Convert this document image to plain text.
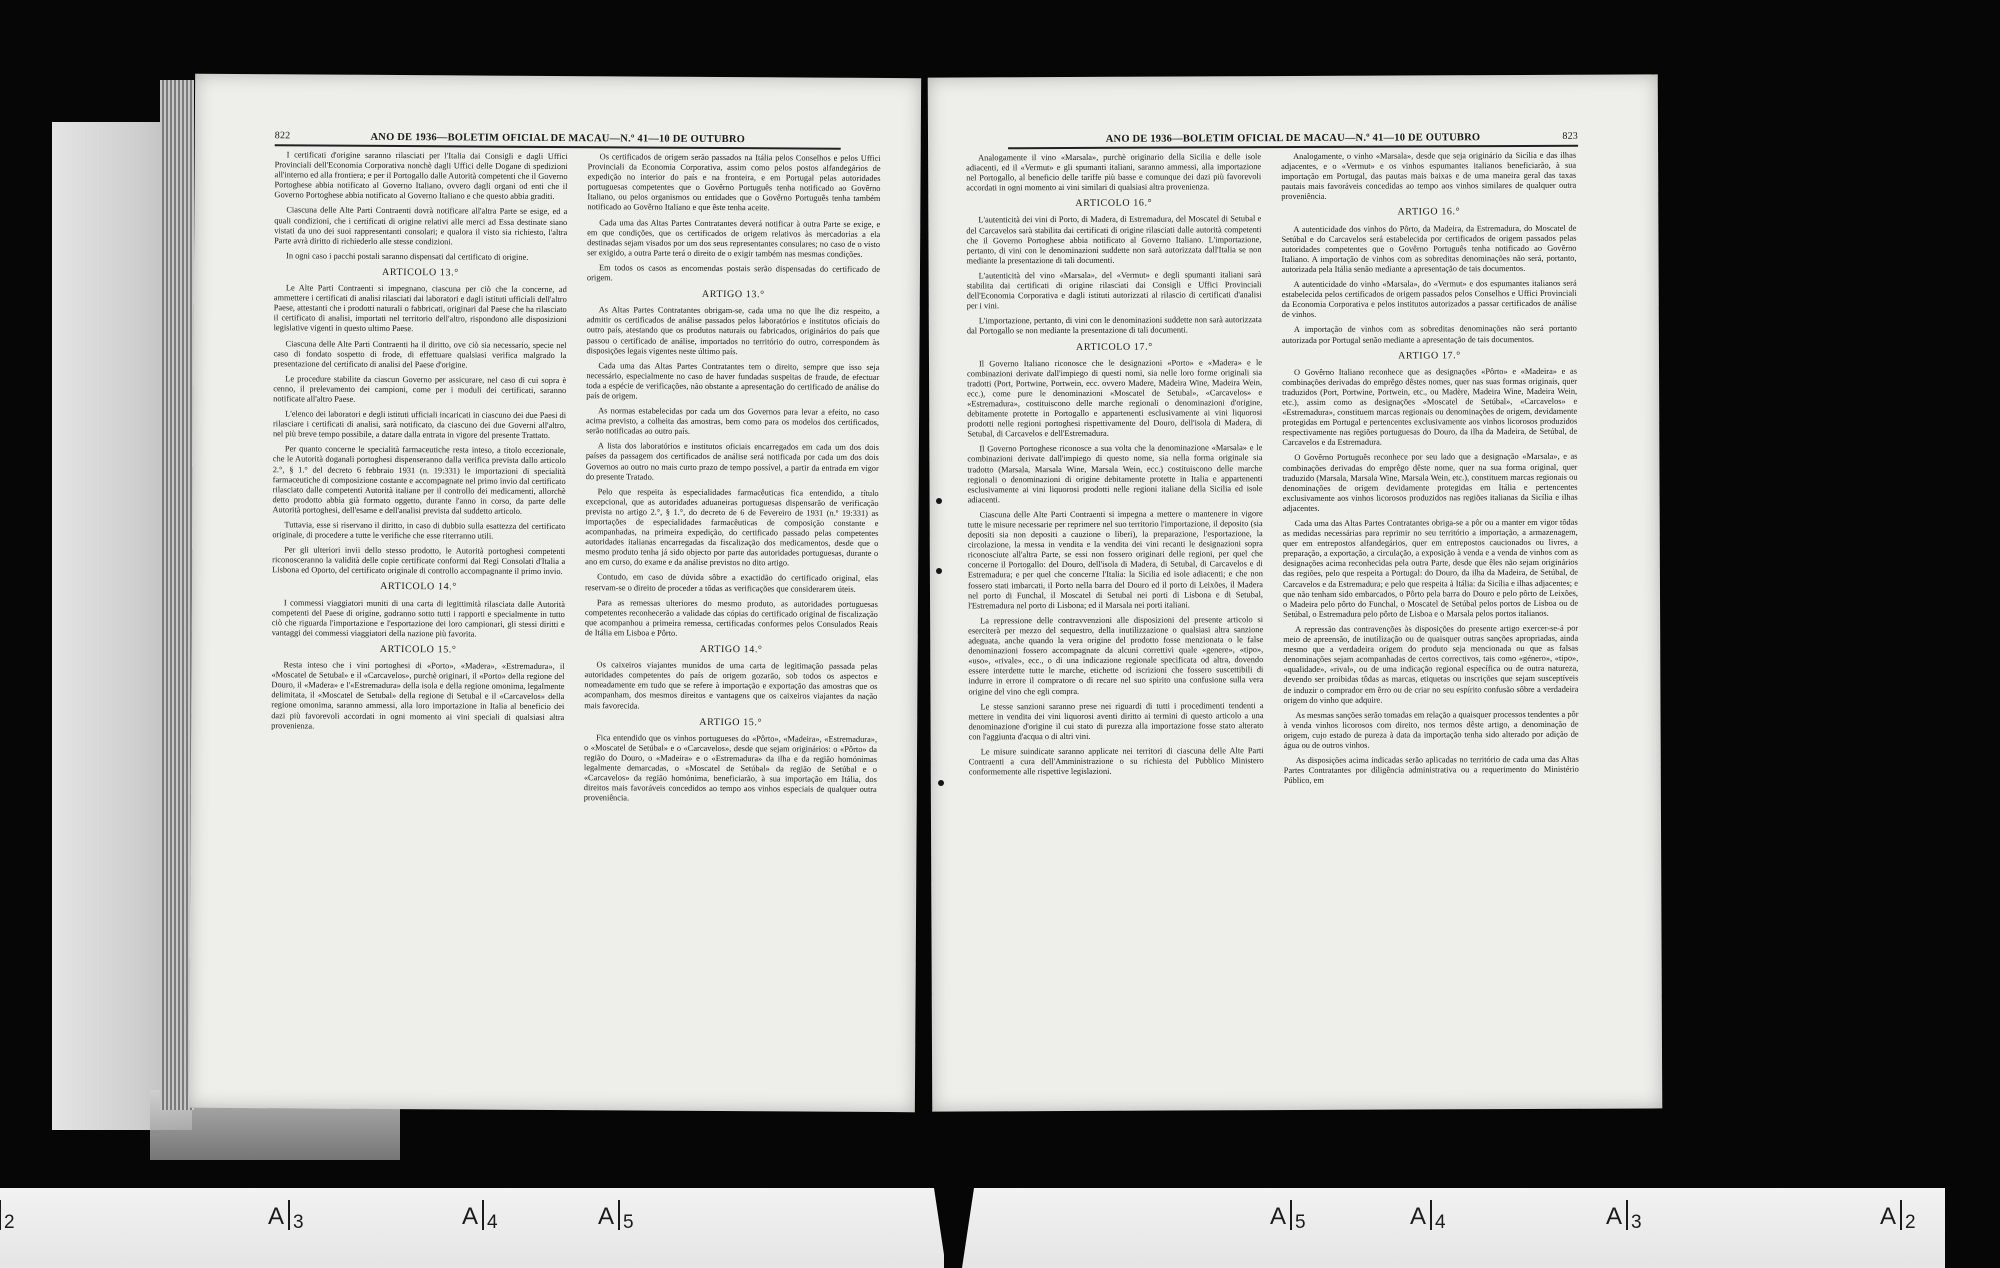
822	ANO DE 1936—BOLETIM OFICIAL DE MACAU—N.º 41—10 DE OUTUBRO

I certificati d'origine saranno rilasciati per l'Italia dai Consigli e dagli Uffici Provinciali dell'Economia Corporativa nonchè dagli Uffici delle Dogane di spedizioni all'interno ed alla frontiera; e per il Portogallo dalle Autorità competenti che il Governo Portoghese abbia notificato al Governo Italiano, ovvero dagli organi od enti che il Governo Portoghese abbia notificato al Governo Italiano e che questo abbia graditi.

Ciascuna delle Alte Parti Contraenti dovrà notificare all'altra Parte se esige, ed a quali condizioni, che i certificati di origine relativi alle merci ad Essa destinate siano vistati da uno dei suoi rappresentanti consolari; e qualora il visto sia richiesto, l'altra Parte avrà diritto di richiederlo alle stesse condizioni.

In ogni caso i pacchi postali saranno dispensati dal certificato di origine.

ARTICOLO 13.°

Le Alte Parti Contraenti si impegnano, ciascuna per ciò che la concerne, ad ammettere i certificati di analisi rilasciati dai laboratori e dagli istituti ufficiali dell'altro Paese, attestanti che i prodotti naturali o fabbricati, originari dal Paese che ha rilasciato il certificato di analisi, importati nel territorio dell'altro, rispondono alle disposizioni legislative vigenti in questo ultimo Paese.

Ciascuna delle Alte Parti Contraenti ha il diritto, ove ciò sia necessario, specie nel caso di fondato sospetto di frode, di effettuare qualsiasi verifica malgrado la presentazione del certificato di analisi del Paese d'origine.

Le procedure stabilite da ciascun Governo per assicurare, nel caso di cui sopra è cenno, il prelevamento dei campioni, come per i moduli dei certificati, saranno notificate all'altro Paese.

L'elenco dei laboratori e degli istituti ufficiali incaricati in ciascuno dei due Paesi di rilasciare i certificati di analisi, sarà notificato, da ciascuno dei due Governi all'altro, nel più breve tempo possibile, a datare dalla entrata in vigore del presente Trattato.

Per quanto concerne le specialità farmaceutiche resta inteso, a titolo eccezionale, che le Autorità doganali portoghesi dispenseranno dalla verifica prevista dallo articolo 2.°, § 1.° del decreto 6 febbraio 1931 (n. 19:331) le importazioni di specialità farmaceutiche di composizione costante e accompagnate nel primo invio dal certificato rilasciato dalle competenti Autorità italiane per il controllo dei medicamenti, allorchè detto prodotto abbia già formato oggetto, durante l'anno in corso, da parte delle Autorità portoghesi, dell'esame e dell'analisi prevista dal suddetto articolo.

Tuttavia, esse si riservano il diritto, in caso di dubbio sulla esattezza del certificato originale, di procedere a tutte le verifiche che esse riterranno utili.

Per gli ulteriori invii dello stesso prodotto, le Autorità portoghesi competenti riconosceranno la validità delle copie certificate conformi dai Regi Consolati d'Italia a Lisbona ed Oporto, del certificato originale di controllo accompagnante il primo invio.

ARTICOLO 14.°

I commessi viaggiatori muniti di una carta di legittimità rilasciata dalle Autorità competenti del Paese di origine, godranno sotto tutti i rapporti e specialmente in tutto ciò che riguarda l'importazione e l'esportazione dei loro campionari, gli stessi diritti e vantaggi dei commessi viaggiatori della nazione più favorita.

ARTICOLO 15.°

Resta inteso che i vini portoghesi di «Porto», «Madera», «Estremadura», il «Moscatel de Setubal» e il «Carcavelos», purchè originari, il «Porto» della regione del Douro, il «Madera» e l'«Estremadura» della isola e della regione omonima, legalmente delimitata, il «Moscatel de Setubal» della regione di Setubal e il «Carcavelos» della regione omonima, saranno ammessi, alla loro importazione in Italia al beneficio dei dazi più favorevoli accordati in ogni momento ai vini speciali di qualsiasi altra provenienza.

Os certificados de origem serão passados na Itália pelos Conselhos e pelos Uffici Provinciali da Economia Corporativa, assim como pelos postos alfandegários de expedição no interior do país e na fronteira, e em Portugal pelas autoridades portuguesas competentes que o Govêrno Português tenha notificado ao Govêrno Italiano, ou pelos organismos ou entidades que o Govêrno Português tenha também notificado ao Govêrno Italiano e que êste tenha aceite.

Cada uma das Altas Partes Contratantes deverá notificar à outra Parte se exige, e em que condições, que os certificados de origem relativos às mercadorias a ela destinadas sejam visados por um dos seus representantes consulares; no caso de o visto ser exigido, a outra Parte terá o direito de o exigir também nas mesmas condições.

Em todos os casos as encomendas postais serão dispensadas do certificado de origem.

ARTIGO 13.°

As Altas Partes Contratantes obrigam-se, cada uma no que lhe diz respeito, a admitir os certificados de análise passados pelos laboratórios e institutos oficiais do outro país, atestando que os produtos naturais ou fabricados, originários do país que passou o certificado de análise, importados no território do outro, correspondem às disposições legais vigentes neste último país.

Cada uma das Altas Partes Contratantes tem o direito, sempre que isso seja necessário, especialmente no caso de haver fundadas suspeitas de fraude, de efectuar toda a espécie de verificações, não obstante a apresentação do certificado de análise do país de origem.

As normas estabelecidas por cada um dos Governos para levar a efeito, no caso acima previsto, a colheita das amostras, bem como para os modelos dos certificados, serão notificadas ao outro país.

A lista dos laboratórios e institutos oficiais encarregados em cada um dos dois países da passagem dos certificados de análise será notificada por cada um dos dois Governos ao outro no mais curto prazo de tempo possível, a partir da entrada em vigor do presente Tratado.

Pelo que respeita às especialidades farmacêuticas fica entendido, a título excepcional, que as autoridades aduaneiras portuguesas dispensarão de verificação prevista no artigo 2.°, § 1.°, do decreto de 6 de Fevereiro de 1931 (n.º 19:331) as importações de especialidades farmacêuticas de composição constante e acompanhadas, na primeira expedição, do certificado passado pelas competentes autoridades italianas encarregadas da fiscalização dos medicamentos, desde que o mesmo produto tenha já sido objecto por parte das autoridades portuguesas, durante o ano em curso, do exame e da análise previstos no dito artigo.

Contudo, em caso de dúvida sôbre a exactidão do certificado original, elas reservam-se o direito de proceder a tôdas as verificações que considerarem úteis.

Para as remessas ulteriores do mesmo produto, as autoridades portuguesas competentes reconhecerão a validade das cópias do certificado original de fiscalização que acompanhou a primeira remessa, certificadas conformes pelos Consulados Reais de Itália em Lisboa e Pôrto.

ARTIGO 14.°

Os caixeiros viajantes munidos de uma carta de legitimação passada pelas autoridades competentes do país de origem gozarão, sob todos os aspectos e nomeadamente em tudo que se refere à importação e exportação das amostras que os acompanham, dos mesmos direitos e vantagens que os caixeiros viajantes da nação mais favorecida.

ARTIGO 15.°

Fica entendido que os vinhos portugueses do «Pôrto», «Madeira», «Estremadura», o «Moscatel de Setúbal» e o «Carcavelos», desde que sejam originários: o «Pôrto» da região do Douro, o «Madeira» e o «Estremadura» da ilha e da região homónimas legalmente demarcadas, o «Moscatel de Setúbal» da região de Setúbal e o «Carcavelos» da região homónima, beneficiarão, à sua importação em Itália, dos direitos mais favoráveis concedidos ao tempo aos vinhos especiais de qualquer outra proveniência.

ANO DE 1936—BOLETIM OFICIAL DE MACAU—N.º 41—10 DE OUTUBRO	823

Analogamente il vino «Marsala», purchè originario della Sicilia e delle isole adiacenti, ed il «Vermut» e gli spumanti italiani, saranno ammessi, alla importazione nel Portogallo, al beneficio delle tariffe più basse e comunque dei dazi più favorevoli accordati in ogni momento ai vini similari di qualsiasi altra provenienza.

ARTICOLO 16.°

L'autenticità dei vini di Porto, di Madera, di Estremadura, del Moscatel di Setubal e del Carcavelos sarà stabilita dai certificati di origine rilasciati dalle autorità competenti che il Governo Portoghese abbia notificato al Governo Italiano. L'importazione, pertanto, di vini con le denominazioni suddette non sarà autorizzata dall'Italia se non mediante la presentazione di tali documenti.

L'autenticità del vino «Marsala», del «Vermut» e degli spumanti italiani sarà stabilita dai certificati di origine rilasciati dai Consigli e Uffici Provinciali dell'Economia Corporativa e dagli istituti autorizzati al rilascio di certificati d'analisi per i vini.

L'importazione, pertanto, di vini con le denominazioni suddette non sarà autorizzata dal Portogallo se non mediante la presentazione di tali documenti.

ARTICOLO 17.°

Il Governo Italiano riconosce che le designazioni «Porto» e «Madera» e le combinazioni derivate dall'impiego di questi nomi, sia nelle loro forme originali sia tradotti (Port, Portwine, Portwein, ecc. ovvero Madere, Madeira Wine, Madeira Wein, ecc.), come pure le denominazioni «Moscatel de Setubal», «Carcavelos» e «Estremadura», costituiscono delle marche regionali o denominazioni d'origine, debitamente protette in Portogallo e appartenenti esclusivamente ai vini liquorosi prodotti nelle regioni portoghesi rispettivamente del Douro, dell'isola di Madera, di Setubal, di Carcavelos e dell'Estremadura.

Il Governo Portoghese riconosce a sua volta che la denominazione «Marsala» e le combinazioni derivate dall'impiego di questo nome, sia nella forma originale sia tradotto (Marsala, Marsala Wine, Marsala Wein, ecc.) costituiscono delle marche regionali o denominazioni di origine debitamente protette in Italia e appartenenti esclusivamente ai vini liquorosi prodotti nelle regioni italiane della Sicilia ed isole adiacenti.

Ciascuna delle Alte Parti Contraenti si impegna a mettere o mantenere in vigore tutte le misure necessarie per reprimere nel suo territorio l'importazione, il deposito (sia depositi sia non depositi a cauzione o liberi), la preparazione, l'esportazione, la circolazione, la messa in vendita e la vendita dei vini recanti le designazioni sopra riconosciute all'altra Parte, se essi non fossero originari delle regioni, per quel che concerne il Portogallo: del Douro, dell'isola di Madera, di Setubal, di Carcavelos e di Estremadura; e per quel che concerne l'Italia: la Sicilia ed isole adiacenti; e che non fossero stati imbarcati, il Porto nella barra del Douro ed il porto di Leixões, il Madera nel porto di Funchal, il Moscatel di Setubal nei porti di Lisbona e di Setubal, l'Estremadura nel porto di Lisbona; ed il Marsala nei porti italiani.

La repressione delle contravvenzioni alle disposizioni del presente articolo si eserciterà per mezzo del sequestro, della inutilizzazione o qualsiasi altra sanzione adeguata, anche quando la vera origine del prodotto fosse menzionata o le false denominazioni fossero accompagnate da alcuni correttivi quale «genere», «tipo», «uso», «rivale», ecc., o di una indicazione regionale specificata od altra, dovendo essere interdette tutte le marche, etichette od iscrizioni che fossero suscettibili di indurre in errore il compratore o di recare nel suo spirito una confusione sulla vera origine del vino che egli compra.

Le stesse sanzioni saranno prese nei riguardi di tutti i procedimenti tendenti a mettere in vendita dei vini liquorosi aventi diritto ai termini di questo articolo a una denominazione d'origine il cui stato di purezza alla importazione fosse stato alterato con l'aggiunta d'acqua o di altri vini.

Le misure suindicate saranno applicate nei territori di ciascuna delle Alte Parti Contraenti a cura dell'Amministrazione o su richiesta del Pubblico Ministero conformemente alle rispettive legislazioni.

Analogamente, o vinho «Marsala», desde que seja originário da Sicília e das ilhas adjacentes, e o «Vermut» e os vinhos espumantes italianos beneficiarão, à sua importação em Portugal, das pautas mais baixas e de uma maneira geral das taxas pautais mais favoráveis concedidas ao tempo aos vinhos similares de qualquer outra proveniência.

ARTIGO 16.°

A autenticidade dos vinhos do Pôrto, da Madeira, da Estremadura, do Moscatel de Setúbal e do Carcavelos será estabelecida por certificados de origem passados pelas autoridades competentes que o Govêrno Português tenha notificado ao Govêrno Italiano. A importação de vinhos com as sobreditas denominações não será, portanto, autorizada pela Itália senão mediante a apresentação de tais documentos.

A autenticidade do vinho «Marsala», do «Vermut» e dos espumantes italianos será estabelecida pelos certificados de origem passados pelos Conselhos e Uffici Provinciali da Economia Corporativa e pelos institutos autorizados a passar certificados de análise de vinhos.

A importação de vinhos com as sobreditas denominações não será portanto autorizada por Portugal senão mediante a apresentação de tais documentos.

ARTIGO 17.°

O Govêrno Italiano reconhece que as designações «Pôrto» e «Madeira» e as combinações derivadas do emprêgo dêstes nomes, quer nas suas formas originais, quer traduzidos (Port, Portwine, Portwein, etc., ou Madère, Madeira Wine, Madeira Wein, etc.), assim como as designações «Moscatel de Setúbal», «Carcavelos» e «Estremadura», constituem marcas regionais ou denominações de origem, devidamente protegidas em Portugal e pertencentes exclusivamente aos vinhos licorosos produzidos respectivamente nas regiões portuguesas do Douro, da ilha da Madeira, de Setúbal, de Carcavelos e da Estremadura.

O Govêrno Português reconhece por seu lado que a designação «Marsala», e as combinações derivadas do emprêgo dêste nome, quer na sua forma original, quer traduzido (Marsala, Marsala Wine, Marsala Wein, etc.), constituem marcas regionais ou denominações de origem devidamente protegidas em Itália e pertencentes exclusivamente aos vinhos licorosos produzidos nas regiões italianas da Sicília e ilhas adjacentes.

Cada uma das Altas Partes Contratantes obriga-se a pôr ou a manter em vigor tôdas as medidas necessárias para reprimir no seu território a importação, a armazenagem, quer em entrepostos alfandegários, quer em entrepostos caucionados ou livres, a preparação, a exportação, a circulação, a exposição à venda e a venda de vinhos com as designações acima reconhecidas pela outra Parte, desde que êles não sejam originários das regiões, pelo que respeita a Portugal: do Douro, da ilha da Madeira, de Setúbal, de Carcavelos e da Estremadura; e pelo que respeita à Itália: da Sicília e ilhas adjacentes; e que não tenham sido embarcados, o Pôrto pela barra do Douro e pelo pôrto de Leixões, o Madeira pelo pôrto do Funchal, o Moscatel de Setúbal pelos portos de Lisboa ou de Setúbal, o Estremadura pelo pôrto de Lisboa e o Marsala pelos portos italianos.

A repressão das contravenções às disposições do presente artigo exercer-se-á por meio de apreensão, de inutilização ou de quaisquer outras sanções apropriadas, ainda mesmo que a verdadeira origem do produto seja mencionada ou que as falsas denominações sejam acompanhadas de certos correctivos, tais como «género», «tipo», «qualidade», «rival», ou de uma indicação regional específica ou de outra natureza, devendo ser proibidas tôdas as marcas, etiquetas ou inscrições que sejam susceptíveis de induzir o comprador em êrro ou de criar no seu espírito confusão sôbre a verdadeira origem do vinho que adquire.

As mesmas sanções serão tomadas em relação a quaisquer processos tendentes a pôr à venda vinhos licorosos com direito, nos termos dêste artigo, a denominação de origem, cujo estado de pureza à data da importação tenha sido alterado por adição de água ou de outros vinhos.

As disposições acima indicadas serão aplicadas no território de cada uma das Altas Partes Contratantes por diligência administrativa ou a requerimento do Ministério Público, em

$_2$	A $_3$	A $_4$	A $_5$	A $_5$	A $_4$	A $_3$	A $_2$
